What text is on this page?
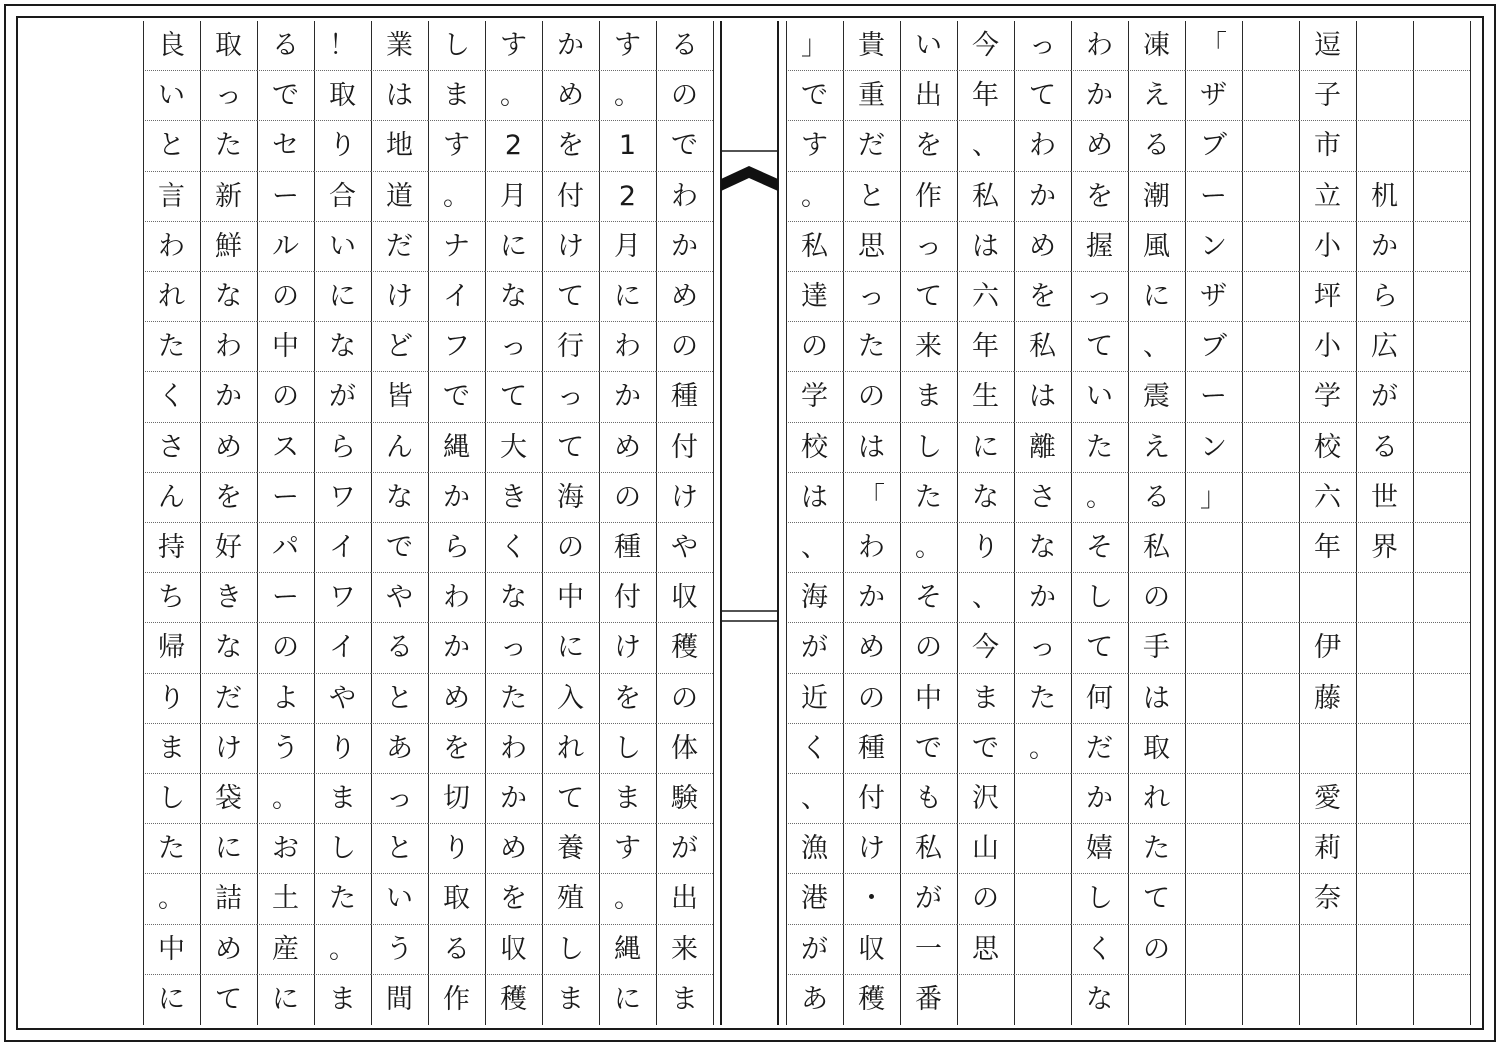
良
い
と
言
わ
れ
た
く
さ
ん
持
ち
帰
り
ま
し
た
。
中
に
取
っ
た
新
鮮
な
わ
か
め
を
好
き
な
だ
け
袋
に
詰
め
て
る
で
セ
ー
ル
の
中
の
ス
ー
パ
ー
の
よ
う
。
お
土
産
に
！
取
り
合
い
に
な
が
ら
ワ
イ
ワ
イ
や
り
ま
し
た
。
ま
業
は
地
道
だ
け
ど
皆
ん
な
で
や
る
と
あ
っ
と
い
う
間
し
ま
す
。
ナ
イ
フ
で
縄
か
ら
わ
か
め
を
切
り
取
る
作
す
。
2
月
に
な
っ
て
大
き
く
な
っ
た
わ
か
め
を
収
穫
か
め
を
付
け
て
行
っ
て
海
の
中
に
入
れ
て
養
殖
し
ま
す
。
1
2
月
に
わ
か
め
の
種
付
け
を
し
ま
す
。
縄
に
る
の
で
わ
か
め
の
種
付
け
や
収
穫
の
体
験
が
出
来
ま
」
で
す
。
私
達
の
学
校
は
、
海
が
近
く
、
漁
港
が
あ
貴
重
だ
と
思
っ
た
の
は
「
わ
か
め
の
種
付
け
・
収
穫
い
出
を
作
っ
て
来
ま
し
た
。
そ
の
中
で
も
私
が
一
番
今
年
、
私
は
六
年
生
に
な
り
、
今
ま
で
沢
山
の
思
っ
て
わ
か
め
を
私
は
離
さ
な
か
っ
た
。
わ
か
め
を
握
っ
て
い
た
。
そ
し
て
何
だ
か
嬉
し
く
な
凍
え
る
潮
風
に
、
震
え
る
私
の
手
は
取
れ
た
て
の
「
ザ
ブ
ー
ン
ザ
ブ
ー
ン
」
逗
子
市
立
小
坪
小
学
校
六
年
伊
藤
愛
莉
奈
机
か
ら
広
が
る
世
界
